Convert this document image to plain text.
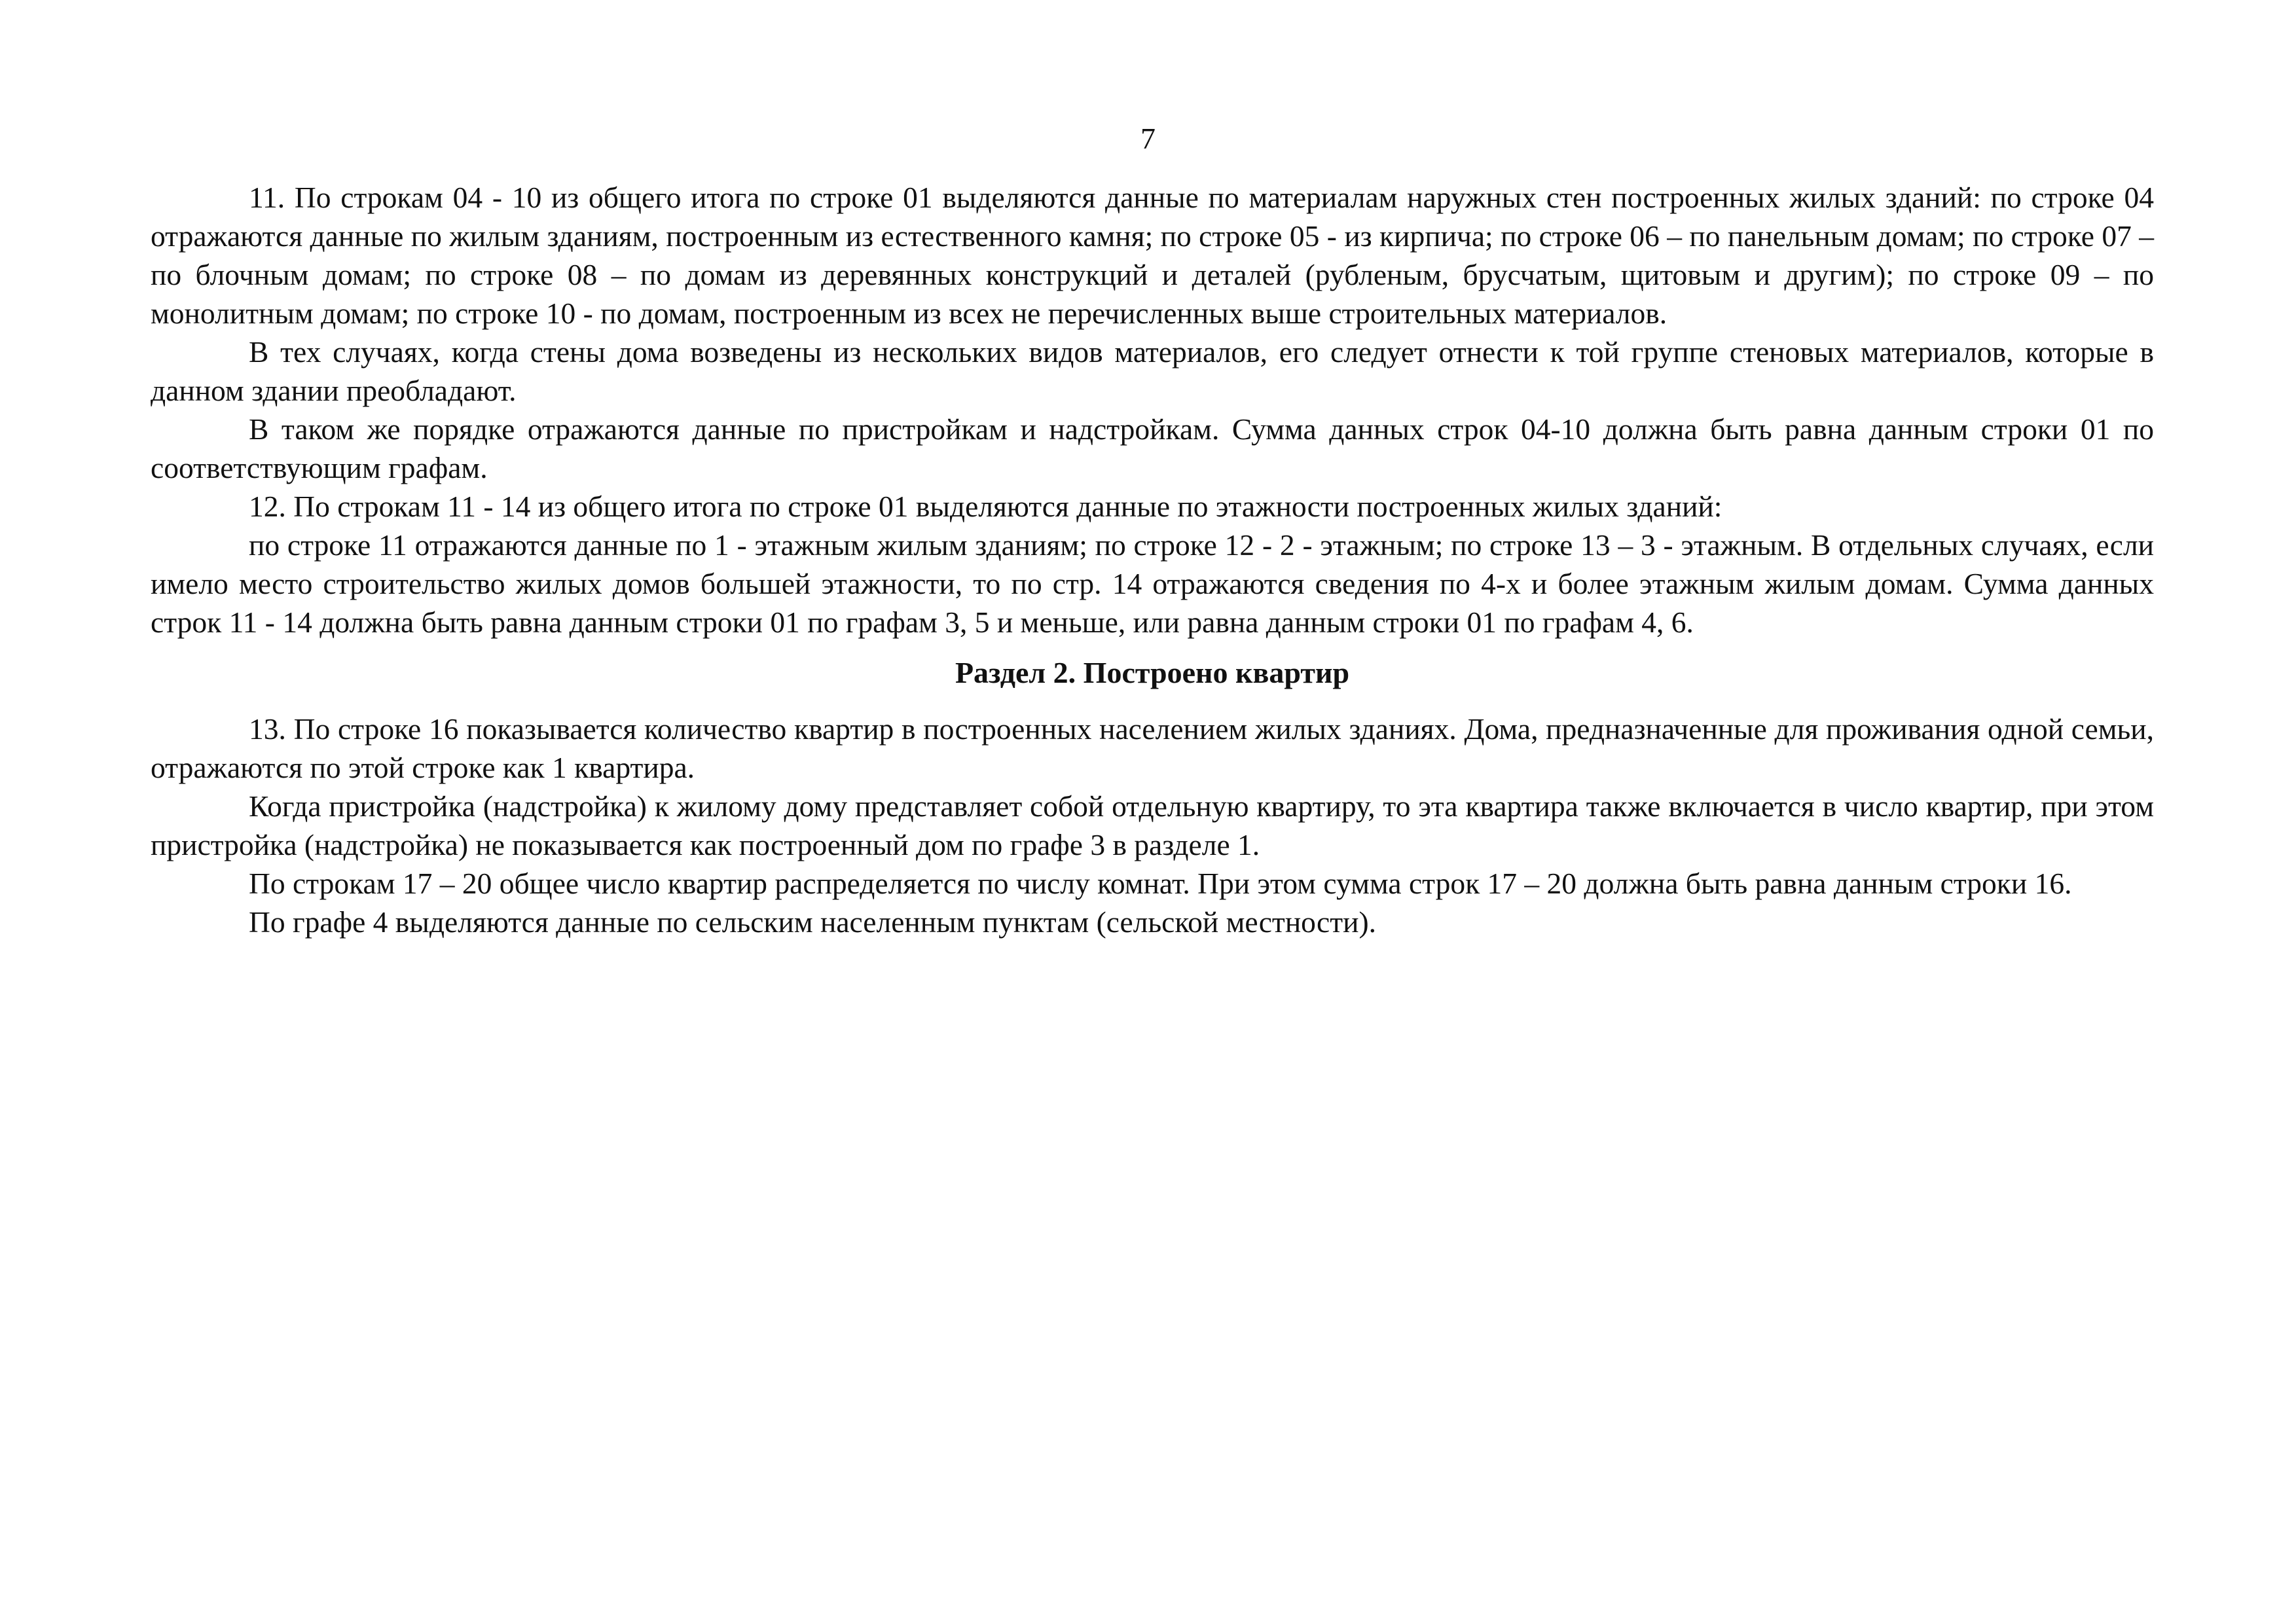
7

11. По строкам 04 - 10 из общего итога по строке 01 выделяются данные по материалам наружных стен построенных жилых зданий: по строке 04 отражаются данные по жилым зданиям, построенным из естественного камня; по строке 05 - из кирпича; по строке 06 – по панельным домам; по строке 07 – по блочным домам; по строке 08 – по домам из деревянных конструкций и деталей (рубленым, брусчатым, щитовым и другим); по строке 09 – по монолитным домам; по строке 10 - по домам, построенным из всех не перечисленных выше строительных материалов.

В тех случаях, когда стены дома возведены из нескольких видов материалов, его следует отнести к той группе стеновых материалов, которые в данном здании преобладают.

В таком же порядке отражаются данные по пристройкам и надстройкам. Сумма данных строк 04-10 должна быть равна данным строки 01 по соответствующим графам.

12. По строкам 11 - 14 из общего итога по строке 01 выделяются данные по этажности построенных жилых зданий:

по строке 11 отражаются данные по 1 - этажным жилым зданиям; по строке 12 - 2 - этажным; по строке 13 – 3 - этажным. В отдельных случаях, если имело место строительство жилых домов большей этажности, то по стр. 14 отражаются сведения по 4-х и более этажным жилым домам. Сумма данных строк 11 - 14 должна быть равна данным строки 01 по графам 3, 5 и меньше, или равна данным строки 01 по графам 4, 6.

Раздел 2. Построено квартир

13. По строке 16 показывается количество квартир в построенных населением жилых зданиях. Дома, предназначенные для проживания одной семьи, отражаются по этой строке как 1 квартира.

Когда пристройка (надстройка) к жилому дому представляет собой отдельную квартиру, то эта квартира также включается в число квартир, при этом пристройка (надстройка) не показывается как построенный дом по графе 3 в разделе 1.

По строкам 17 – 20 общее число квартир распределяется по числу комнат. При этом сумма строк 17 – 20 должна быть равна данным строки 16.

По графе 4 выделяются данные по сельским населенным пунктам (сельской местности).
